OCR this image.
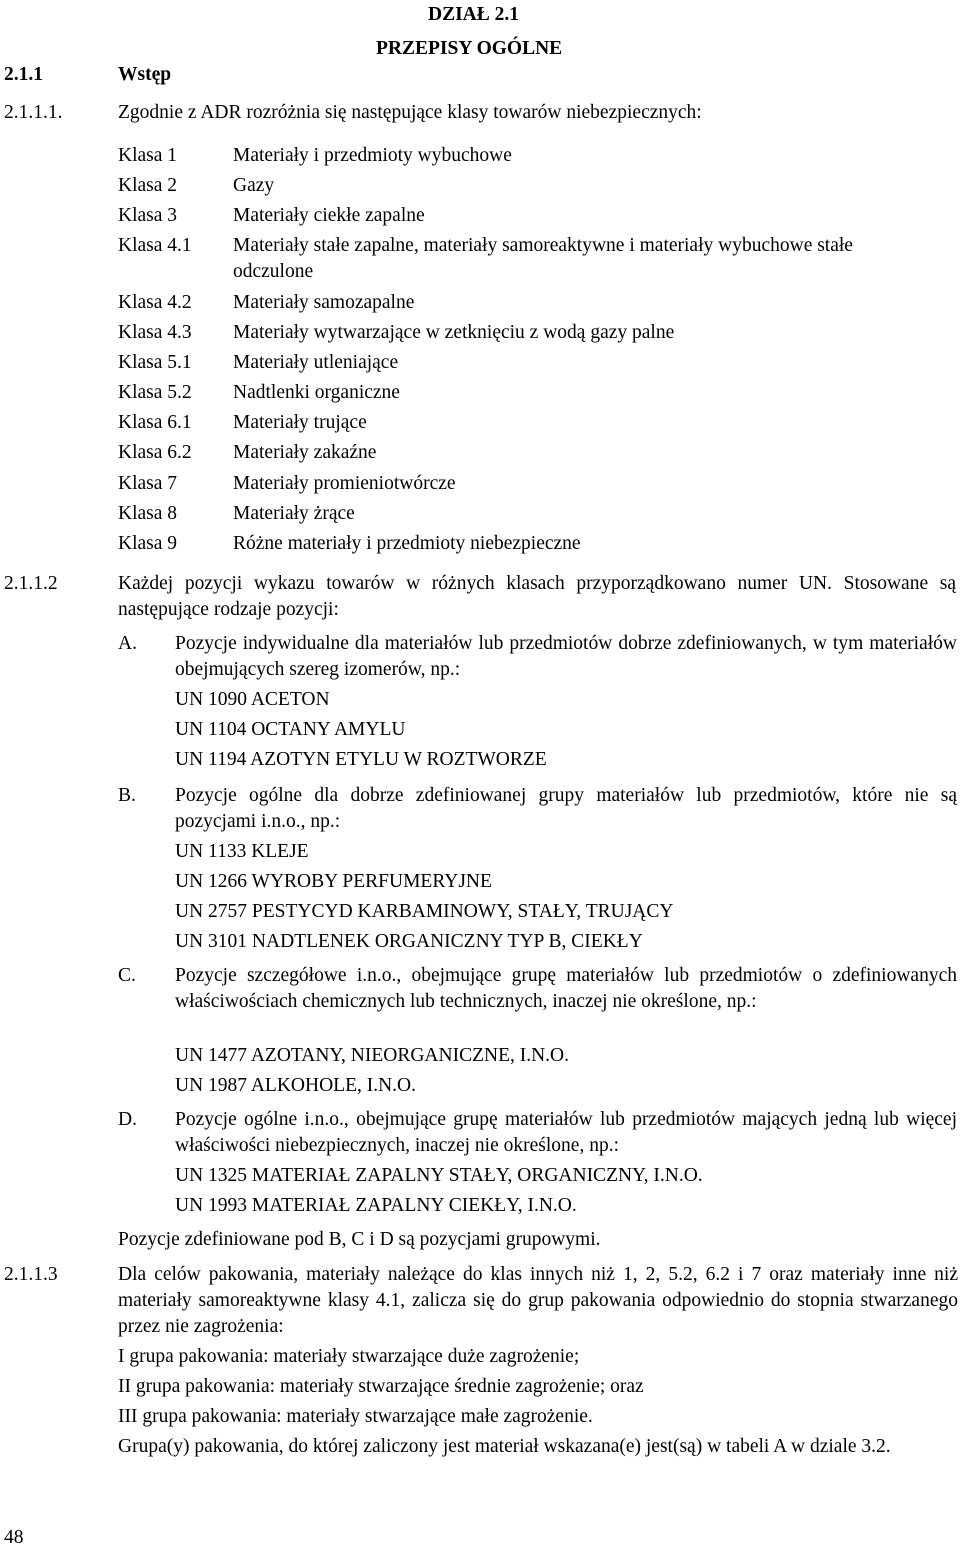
DZIAŁ 2.1
PRZEPISY OGÓLNE
2.1.1	Wstęp
2.1.1.1.	Zgodnie z ADR rozróżnia się następujące klasy towarów niebezpiecznych:
Klasa 1	Materiały i przedmioty wybuchowe
Klasa 2	Gazy
Klasa 3	Materiały ciekłe zapalne
Klasa 4.1 Materiały stałe zapalne, materiały samoreaktywne i materiały wybuchowe stałe
odczulone
Klasa 4.2 Materiały samozapalne
Klasa 4.3 Materiały wytwarzające w zetknięciu z wodą gazy palne
Klasa 5.1 Materiały utleniające
Klasa 5.2 Nadtlenki organiczne
Klasa 6.1 Materiały trujące
Klasa 6.2 Materiały zakaźne
Klasa 7	Materiały promieniotwórcze
Klasa 8	Materiały żrące
Klasa 9	Różne materiały i przedmioty niebezpieczne
2.1.1.2	Każdej pozycji wykazu towarów w różnych klasach przyporządkowano numer UN. Stosowane są następujące rodzaje pozycji:
A. Pozycje indywidualne dla materiałów lub przedmiotów dobrze zdefiniowanych, w tym materiałów obejmujących szereg izomerów, np.:
UN 1090 ACETON
UN 1104 OCTANY AMYLU
UN 1194 AZOTYN ETYLU W ROZTWORZE
B. Pozycje ogólne dla dobrze zdefiniowanej grupy materiałów lub przedmiotów, które nie są pozycjami i.n.o., np.:
UN 1133 KLEJE
UN 1266 WYROBY PERFUMERYJNE
UN 2757 PESTYCYD KARBAMINOWY, STAŁY, TRUJĄCY
UN 3101 NADTLENEK ORGANICZNY TYP B, CIEKŁY
C. Pozycje szczegółowe i.n.o., obejmujące grupę materiałów lub przedmiotów o zdefiniowanych właściwościach chemicznych lub technicznych, inaczej nie określone, np.:
UN 1477 AZOTANY, NIEORGANICZNE, I.N.O.
UN 1987 ALKOHOLE, I.N.O.
D. Pozycje ogólne i.n.o., obejmujące grupę materiałów lub przedmiotów mających jedną lub więcej właściwości niebezpiecznych, inaczej nie określone, np.:
UN 1325 MATERIAŁ ZAPALNY STAŁY, ORGANICZNY, I.N.O.
UN 1993 MATERIAŁ ZAPALNY CIEKŁY, I.N.O.
Pozycje zdefiniowane pod B, C i D są pozycjami grupowymi.
2.1.1.3	Dla celów pakowania, materiały należące do klas innych niż 1, 2, 5.2, 6.2 i 7 oraz materiały inne niż materiały samoreaktywne klasy 4.1, zalicza się do grup pakowania odpowiednio do stopnia stwarzanego przez nie zagrożenia:
I grupa pakowania: materiały stwarzające duże zagrożenie;
II grupa pakowania: materiały stwarzające średnie zagrożenie; oraz
III grupa pakowania: materiały stwarzające małe zagrożenie.
Grupa(y) pakowania, do której zaliczony jest materiał wskazana(e) jest(są) w tabeli A w dziale 3.2.
48
